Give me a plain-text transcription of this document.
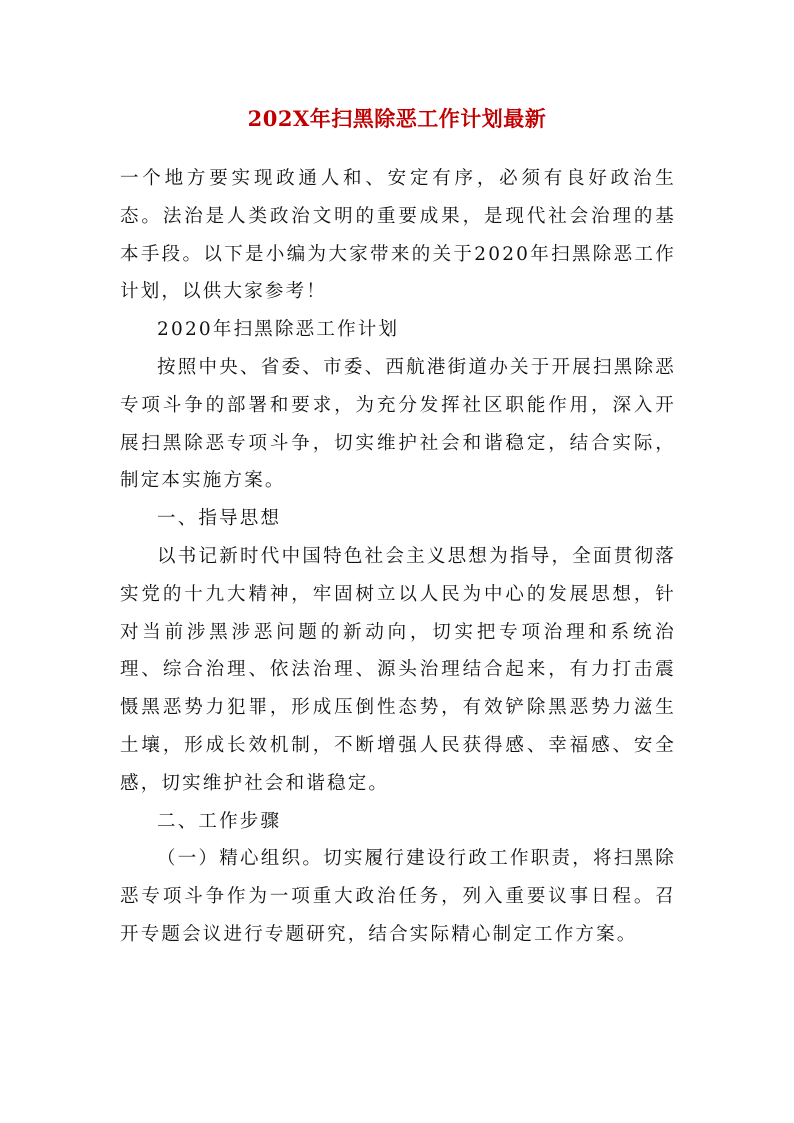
202X年扫黑除恶工作计划最新

一个地方要实现政通人和、安定有序，必须有良好政治生态。法治是人类政治文明的重要成果，是现代社会治理的基本手段。以下是小编为大家带来的关于2020年扫黑除恶工作计划，以供大家参考！

2020年扫黑除恶工作计划

按照中央、省委、市委、西航港街道办关于开展扫黑除恶专项斗争的部署和要求，为充分发挥社区职能作用，深入开展扫黑除恶专项斗争，切实维护社会和谐稳定，结合实际，制定本实施方案。

一、指导思想

以书记新时代中国特色社会主义思想为指导，全面贯彻落实党的十九大精神，牢固树立以人民为中心的发展思想，针对当前涉黑涉恶问题的新动向，切实把专项治理和系统治理、综合治理、依法治理、源头治理结合起来，有力打击震慑黑恶势力犯罪，形成压倒性态势，有效铲除黑恶势力滋生土壤，形成长效机制，不断增强人民获得感、幸福感、安全感，切实维护社会和谐稳定。

二、工作步骤

（一）精心组织。切实履行建设行政工作职责，将扫黑除恶专项斗争作为一项重大政治任务，列入重要议事日程。召开专题会议进行专题研究，结合实际精心制定工作方案。
